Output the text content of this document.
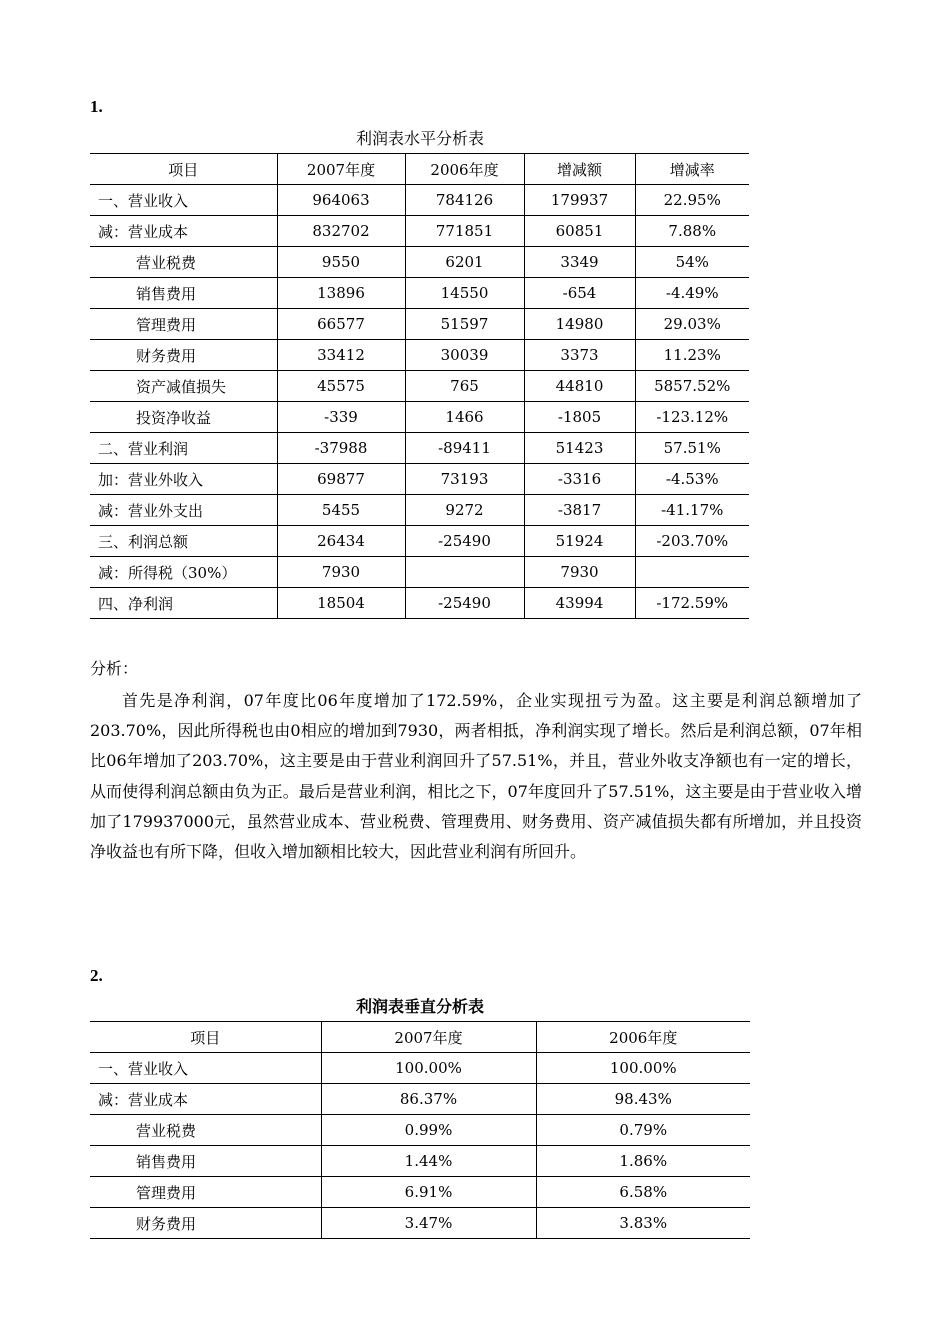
1.
利润表水平分析表
项目	2007年度	2006年度	增减额	增减率
一、营业收入	964063	784126	179937	22.95%
减：营业成本	832702	771851	60851	7.88%
营业税费	9550	6201	3349	54%
销售费用	13896	14550	-654	-4.49%
管理费用	66577	51597	14980	29.03%
财务费用	33412	30039	3373	11.23%
资产减值损失	45575	765	44810	5857.52%
投资净收益	-339	1466	-1805	-123.12%
二、营业利润	-37988	-89411	51423	57.51%
加：营业外收入	69877	73193	-3316	-4.53%
减：营业外支出	5455	9272	-3817	-41.17%
三、利润总额	26434	-25490	51924	-203.70%
减：所得税（30%）	7930		7930	
四、净利润	18504	-25490	43994	-172.59%
2.
利润表垂直分析表
项目	2007年度	2006年度
一、营业收入	100.00%	100.00%
减：营业成本	86.37%	98.43%
营业税费	0.99%	0.79%
销售费用	1.44%	1.86%
管理费用	6.91%	6.58%
财务费用	3.47%	3.83%
分析：
首先是净利润，07年度比06年度增加了172.59%，企业实现扭亏为盈。这主要是利润总额增加了203.70%，因此所得税也由0相应的增加到7930，两者相抵，净利润实现了增长。然后是利润总额，07年相比06年增加了203.70%，这主要是由于营业利润回升了57.51%，并且，营业外收支净额也有一定的增长，从而使得利润总额由负为正。最后是营业利润，相比之下，07年度回升了57.51%，这主要是由于营业收入增加了179937000元，虽然营业成本、营业税费、管理费用、财务费用、资产减值损失都有所增加，并且投资净收益也有所下降，但收入增加额相比较大，因此营业利润有所回升。
